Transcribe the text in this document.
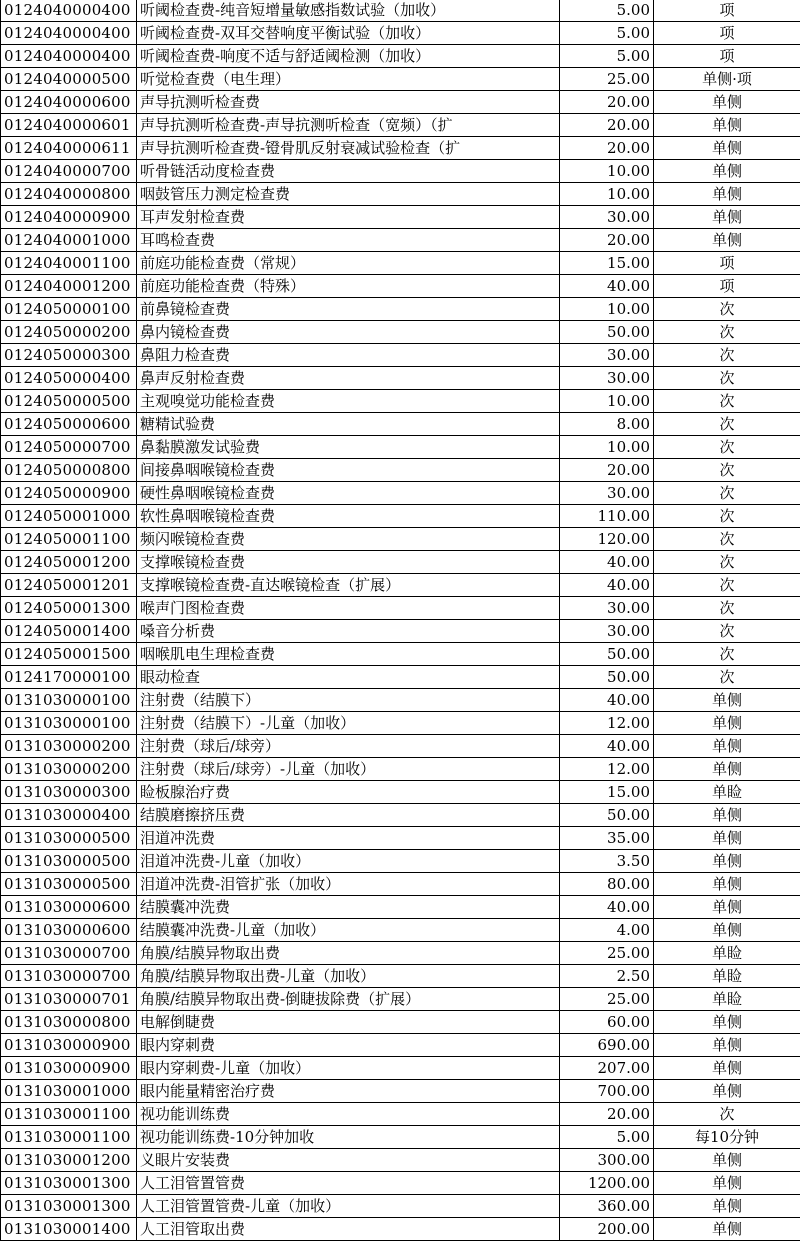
0124040000400	听阈检查费-纯音短增量敏感指数试验（加收）	5.00	项
0124040000400	听阈检查费-双耳交替响度平衡试验（加收）	5.00	项
0124040000400	听阈检查费-响度不适与舒适阈检测（加收）	5.00	项
0124040000500	听觉检查费（电生理）	25.00	单侧·项
0124040000600	声导抗测听检查费	20.00	单侧
0124040000601	声导抗测听检查费-声导抗测听检查（宽频）（扩	20.00	单侧
0124040000611	声导抗测听检查费-镫骨肌反射衰减试验检查（扩	20.00	单侧
0124040000700	听骨链活动度检查费	10.00	单侧
0124040000800	咽鼓管压力测定检查费	10.00	单侧
0124040000900	耳声发射检查费	30.00	单侧
0124040001000	耳鸣检查费	20.00	单侧
0124040001100	前庭功能检查费（常规）	15.00	项
0124040001200	前庭功能检查费（特殊）	40.00	项
0124050000100	前鼻镜检查费	10.00	次
0124050000200	鼻内镜检查费	50.00	次
0124050000300	鼻阻力检查费	30.00	次
0124050000400	鼻声反射检查费	30.00	次
0124050000500	主观嗅觉功能检查费	10.00	次
0124050000600	糖精试验费	8.00	次
0124050000700	鼻黏膜激发试验费	10.00	次
0124050000800	间接鼻咽喉镜检查费	20.00	次
0124050000900	硬性鼻咽喉镜检查费	30.00	次
0124050001000	软性鼻咽喉镜检查费	110.00	次
0124050001100	频闪喉镜检查费	120.00	次
0124050001200	支撑喉镜检查费	40.00	次
0124050001201	支撑喉镜检查费-直达喉镜检查（扩展）	40.00	次
0124050001300	喉声门图检查费	30.00	次
0124050001400	嗓音分析费	30.00	次
0124050001500	咽喉肌电生理检查费	50.00	次
0124170000100	眼动检查	50.00	次
0131030000100	注射费（结膜下）	40.00	单侧
0131030000100	注射费（结膜下）-儿童（加收）	12.00	单侧
0131030000200	注射费（球后/球旁）	40.00	单侧
0131030000200	注射费（球后/球旁）-儿童（加收）	12.00	单侧
0131030000300	睑板腺治疗费	15.00	单睑
0131030000400	结膜磨擦挤压费	50.00	单侧
0131030000500	泪道冲洗费	35.00	单侧
0131030000500	泪道冲洗费-儿童（加收）	3.50	单侧
0131030000500	泪道冲洗费-泪管扩张（加收）	80.00	单侧
0131030000600	结膜囊冲洗费	40.00	单侧
0131030000600	结膜囊冲洗费-儿童（加收）	4.00	单侧
0131030000700	角膜/结膜异物取出费	25.00	单睑
0131030000700	角膜/结膜异物取出费-儿童（加收）	2.50	单睑
0131030000701	角膜/结膜异物取出费-倒睫拔除费（扩展）	25.00	单睑
0131030000800	电解倒睫费	60.00	单侧
0131030000900	眼内穿刺费	690.00	单侧
0131030000900	眼内穿刺费-儿童（加收）	207.00	单侧
0131030001000	眼内能量精密治疗费	700.00	单侧
0131030001100	视功能训练费	20.00	次
0131030001100	视功能训练费-10分钟加收	5.00	每10分钟
0131030001200	义眼片安装费	300.00	单侧
0131030001300	人工泪管置管费	1200.00	单侧
0131030001300	人工泪管置管费-儿童（加收）	360.00	单侧
0131030001400	人工泪管取出费	200.00	单侧
